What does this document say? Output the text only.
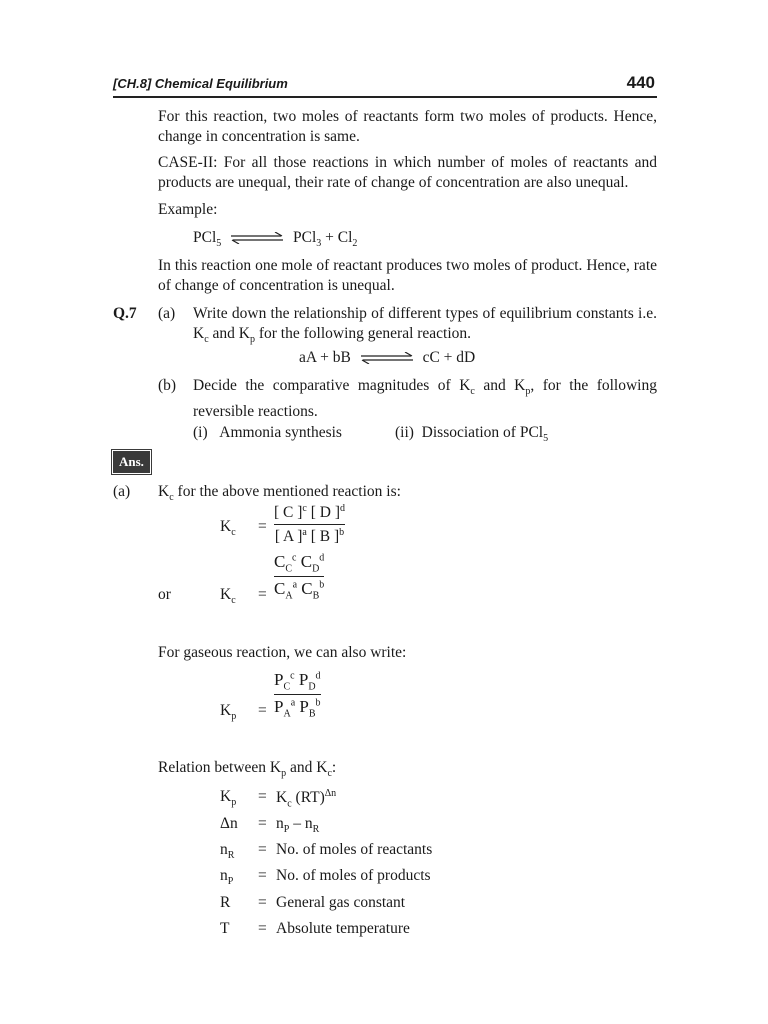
[CH.8] Chemical Equilibrium	440
For this reaction, two moles of reactants form two moles of products. Hence, change in concentration is same.
CASE-II: For all those reactions in which number of moles of reactants and products are unequal, their rate of change of concentration are also unequal.
Example:
PCl$_5$ ⇌ $PCl_3 + Cl_2$
In this reaction one mole of reactant produces two moles of product. Hence, rate of change of concentration is unequal.
Q.7 (a) Write down the relationship of different types of equilibrium constants i.e. $K_c$ and $K_p$ for the following general reaction.
aA + bB ⇌ cC + dD
(b) Decide the comparative magnitudes of $K_c$ and $K_p$, for the following reversible reactions.
(i)   Ammonia synthesis	(ii)  Dissociation of PCl$_5$
Ans.
(a) $K_c$ for the above mentioned reaction is:
$K_c = \frac{[ C ]^c [ D ]^d}{[ A ]^a [ B ]^b}$
or	$K_c = \frac{C_C^c C_D^d}{C_A^a C_B^b}$
For gaseous reaction, we can also write:
$K_p = \frac{P_C^c P_D^d}{P_A^a P_B^b}$
Relation between $K_p$ and $K_c$:
$K_p = K_c$ (RT)$^{\Delta n}$
$\Delta n = n_P - n_R$
$n_R = No$. of moles of reactants
$n_P = No$. of moles of products
R = General gas constant
T = Absolute temperature
